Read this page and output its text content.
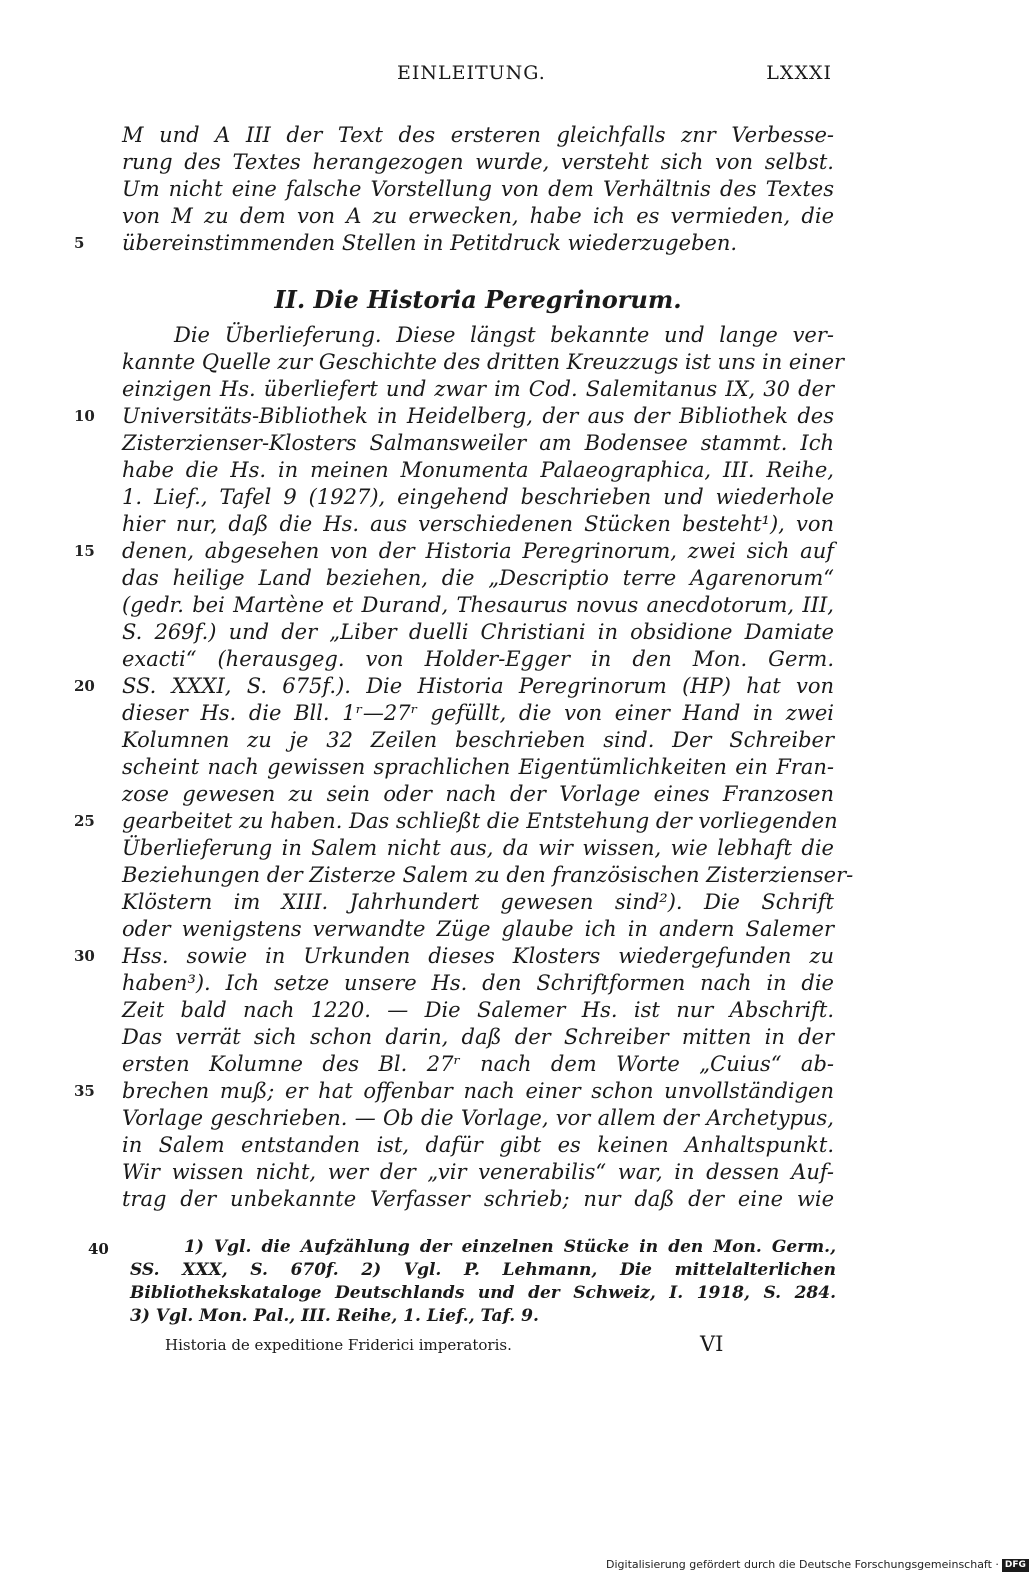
EINLEITUNG.	LXXXI
M und A III der Text des ersteren gleichfalls znr Verbesse-
rung des Textes herangezogen wurde, versteht sich von selbst.
Um nicht eine falsche Vorstellung von dem Verhältnis des Textes
von M zu dem von A zu erwecken, habe ich es vermieden, die
5	übereinstimmenden Stellen in Petitdruck wiederzugeben.
II. Die Historia Peregrinorum.
Die Überlieferung. Diese längst bekannte und lange ver-
kannte Quelle zur Geschichte des dritten Kreuzzugs ist uns in einer
einzigen Hs. überliefert und zwar im Cod. Salemitanus IX, 30 der
10	Universitäts-Bibliothek in Heidelberg, der aus der Bibliothek des
Zisterzienser-Klosters Salmansweiler am Bodensee stammt. Ich
habe die Hs. in meinen Monumenta Palaeographica, III. Reihe,
1. Lief., Tafel 9 (1927), eingehend beschrieben und wiederhole
hier nur, daß die Hs. aus verschiedenen Stücken besteht¹), von
15	denen, abgesehen von der Historia Peregrinorum, zwei sich auf
das heilige Land beziehen, die „Descriptio terre Agarenorum“
(gedr. bei Martène et Durand, Thesaurus novus anecdotorum, III,
S. 269f.) und der „Liber duelli Christiani in obsidione Damiate
exacti“ (herausgeg. von Holder-Egger in den Mon. Germ.
20	SS. XXXI, S. 675f.). Die Historia Peregrinorum (HP) hat von
dieser Hs. die Bll. 1ʳ—27ʳ gefüllt, die von einer Hand in zwei
Kolumnen zu je 32 Zeilen beschrieben sind. Der Schreiber
scheint nach gewissen sprachlichen Eigentümlichkeiten ein Fran-
zose gewesen zu sein oder nach der Vorlage eines Franzosen
25	gearbeitet zu haben. Das schließt die Entstehung der vorliegenden
Überlieferung in Salem nicht aus, da wir wissen, wie lebhaft die
Beziehungen der Zisterze Salem zu den französischen Zisterzienser-
Klöstern im XIII. Jahrhundert gewesen sind²). Die Schrift
oder wenigstens verwandte Züge glaube ich in andern Salemer
30	Hss. sowie in Urkunden dieses Klosters wiedergefunden zu
haben³). Ich setze unsere Hs. den Schriftformen nach in die
Zeit bald nach 1220. — Die Salemer Hs. ist nur Abschrift.
Das verrät sich schon darin, daß der Schreiber mitten in der
ersten Kolumne des Bl. 27ʳ nach dem Worte „Cuius“ ab-
35	brechen muß; er hat offenbar nach einer schon unvollständigen
Vorlage geschrieben. — Ob die Vorlage, vor allem der Archetypus,
in Salem entstanden ist, dafür gibt es keinen Anhaltspunkt.
Wir wissen nicht, wer der „vir venerabilis“ war, in dessen Auf-
trag der unbekannte Verfasser schrieb; nur daß der eine wie
40	1) Vgl. die Aufzählung der einzelnen Stücke in den Mon. Germ.,
SS. XXX, S. 670f. 2) Vgl. P. Lehmann, Die mittelalterlichen
Bibliothekskataloge Deutschlands und der Schweiz, I. 1918, S. 284.
3) Vgl. Mon. Pal., III. Reihe, 1. Lief., Taf. 9.
Historia de expeditione Friderici imperatoris.	VI
Digitalisierung gefördert durch die Deutsche Forschungsgemeinschaft · DFG
